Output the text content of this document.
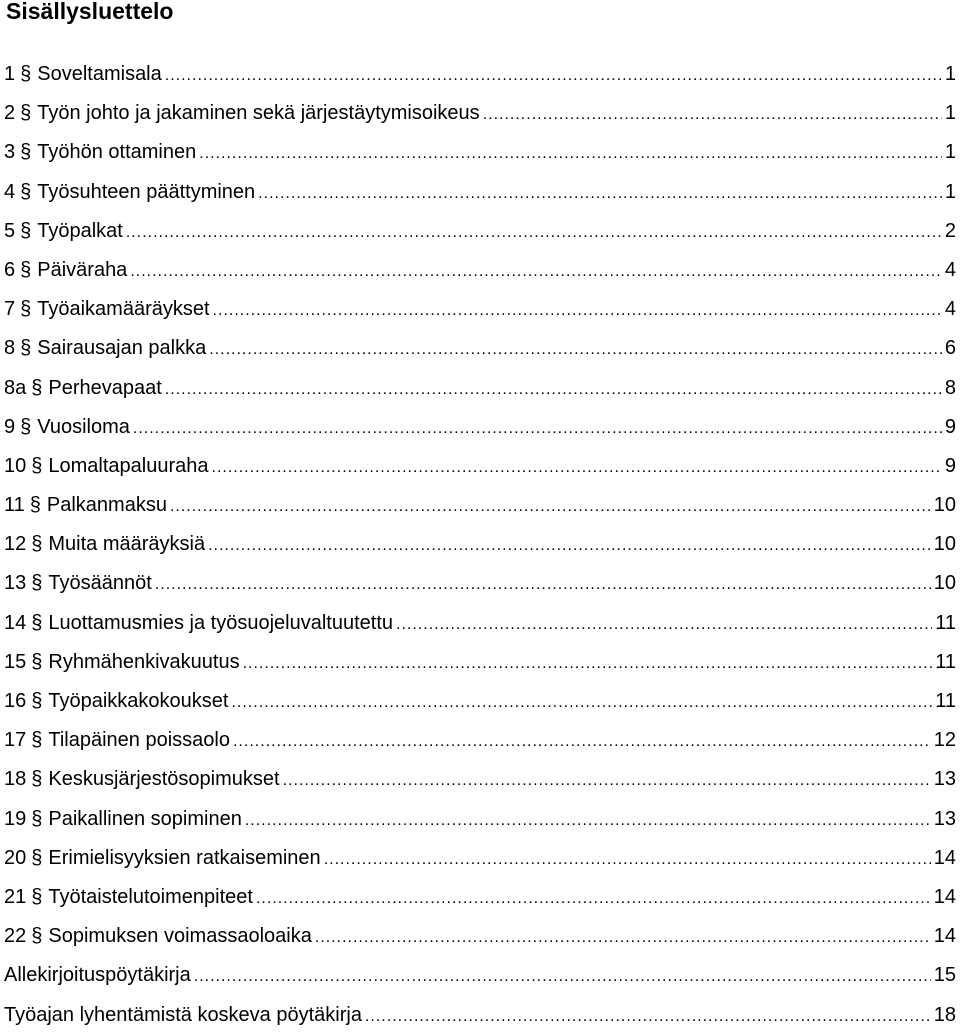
Sisällysluettelo
1 § Soveltamisala .....	1
2 § Työn johto ja jakaminen sekä järjestäytymisoikeus .....	1
3 § Työhön ottaminen .....	1
4 § Työsuhteen päättyminen .....	1
5 § Työpalkat .....	2
6 § Päiväraha .....	4
7 § Työaikamääräykset .....	4
8 § Sairausajan palkka .....	6
8a § Perhevapaat .....	8
9 § Vuosiloma .....	9
10 § Lomaltapaluuraha .....	9
11 § Palkanmaksu .....	10
12 § Muita määräyksiä .....	10
13 § Työsäännöt .....	10
14 § Luottamusmies ja työsuojeluvaltuutettu .....	11
15 § Ryhmähenkivakuutus .....	11
16 § Työpaikkakokoukset .....	11
17 § Tilapäinen poissaolo .....	12
18 § Keskusjärjestösopimukset .....	13
19 § Paikallinen sopiminen .....	13
20 § Erimielisyyksien ratkaiseminen .....	14
21 § Työtaistelutoimenpiteet .....	14
22 § Sopimuksen voimassaoloaika .....	14
Allekirjoituspöytäkirja .....	15
Työajan lyhentämistä koskeva pöytäkirja .....	18
